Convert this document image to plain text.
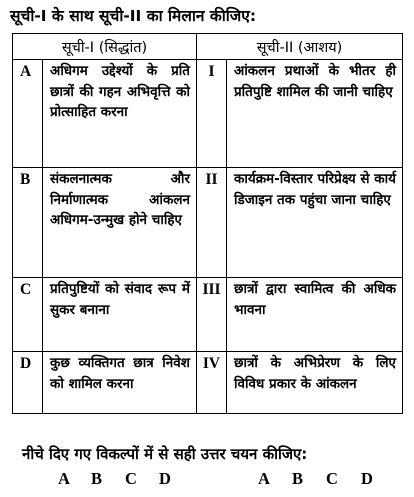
सूची-I के साथ सूची-II का मिलान कीजिए:
सूची-I (सिद्धांत)		सूची-II (आशय)	
A	अधिगम उद्देश्यों के प्रति छात्रों की गहन अभिवृत्ति को प्रोत्साहित करना	I	आंकलन प्रथाओं के भीतर ही प्रतिपुष्टि शामिल की जानी चाहिए
B	संकलनात्मक और निर्माणात्मक आंकलन अधिगम-उन्मुख होने चाहिए	II	कार्यक्रम-विस्तार परिप्रेक्ष्य से कार्य डिजाइन तक पहुंचा जाना चाहिए
C	प्रतिपुष्टियों को संवाद रूप में सुकर बनाना	III	छात्रों द्वारा स्वामित्व की अधिक भावना
D	कुछ व्यक्तिगत छात्र निवेश को शामिल करना	IV	छात्रों के अभिप्रेरण के लिए विविध प्रकार के आंकलन
नीचे दिए गए विकल्पों में से सही उत्तर चयन कीजिए:
A B C D	A B C D
